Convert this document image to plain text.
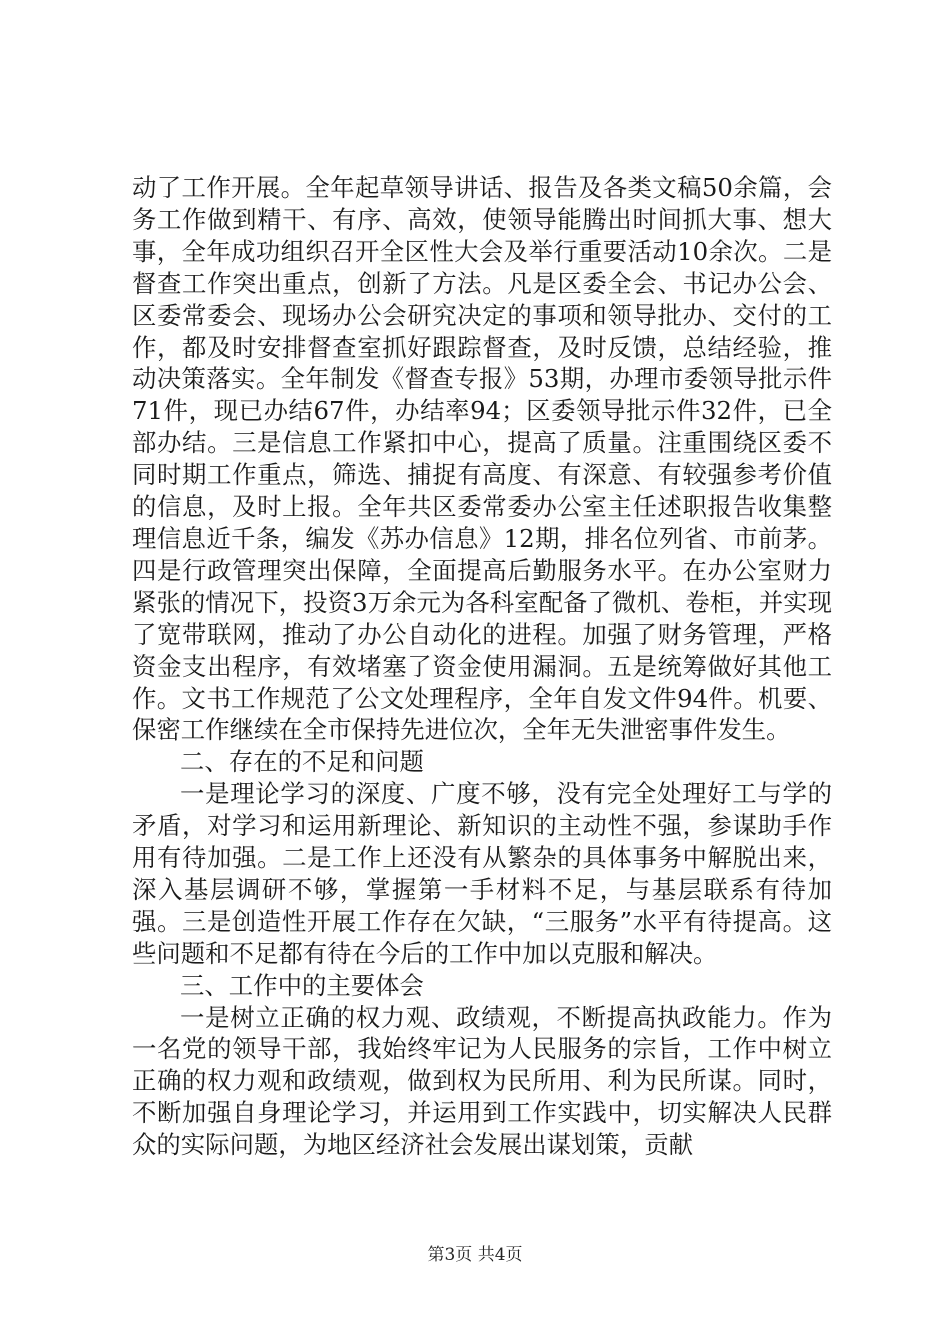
动了工作开展。全年起草领导讲话、报告及各类文稿50余篇，会务工作做到精干、有序、高效，使领导能腾出时间抓大事、想大事，全年成功组织召开全区性大会及举行重要活动10余次。二是督查工作突出重点，创新了方法。凡是区委全会、书记办公会、区委常委会、现场办公会研究决定的事项和领导批办、交付的工作，都及时安排督查室抓好跟踪督查，及时反馈，总结经验，推动决策落实。全年制发《督查专报》53期，办理市委领导批示件71件，现已办结67件，办结率94；区委领导批示件32件，已全部办结。三是信息工作紧扣中心，提高了质量。注重围绕区委不同时期工作重点，筛选、捕捉有高度、有深意、有较强参考价值的信息，及时上报。全年共区委常委办公室主任述职报告收集整理信息近千条，编发《苏办信息》12期，排名位列省、市前茅。四是行政管理突出保障，全面提高后勤服务水平。在办公室财力紧张的情况下，投资3万余元为各科室配备了微机、卷柜，并实现了宽带联网，推动了办公自动化的进程。加强了财务管理，严格资金支出程序，有效堵塞了资金使用漏洞。五是统筹做好其他工作。文书工作规范了公文处理程序，全年自发文件94件。机要、保密工作继续在全市保持先进位次，全年无失泄密事件发生。

二、存在的不足和问题

一是理论学习的深度、广度不够，没有完全处理好工与学的矛盾，对学习和运用新理论、新知识的主动性不强，参谋助手作用有待加强。二是工作上还没有从繁杂的具体事务中解脱出来，深入基层调研不够，掌握第一手材料不足，与基层联系有待加强。三是创造性开展工作存在欠缺，“三服务”水平有待提高。这些问题和不足都有待在今后的工作中加以克服和解决。

三、工作中的主要体会

一是树立正确的权力观、政绩观，不断提高执政能力。作为一名党的领导干部，我始终牢记为人民服务的宗旨，工作中树立正确的权力观和政绩观，做到权为民所用、利为民所谋。同时，不断加强自身理论学习，并运用到工作实践中，切实解决人民群众的实际问题，为地区经济社会发展出谋划策，贡献

第3页 共4页
